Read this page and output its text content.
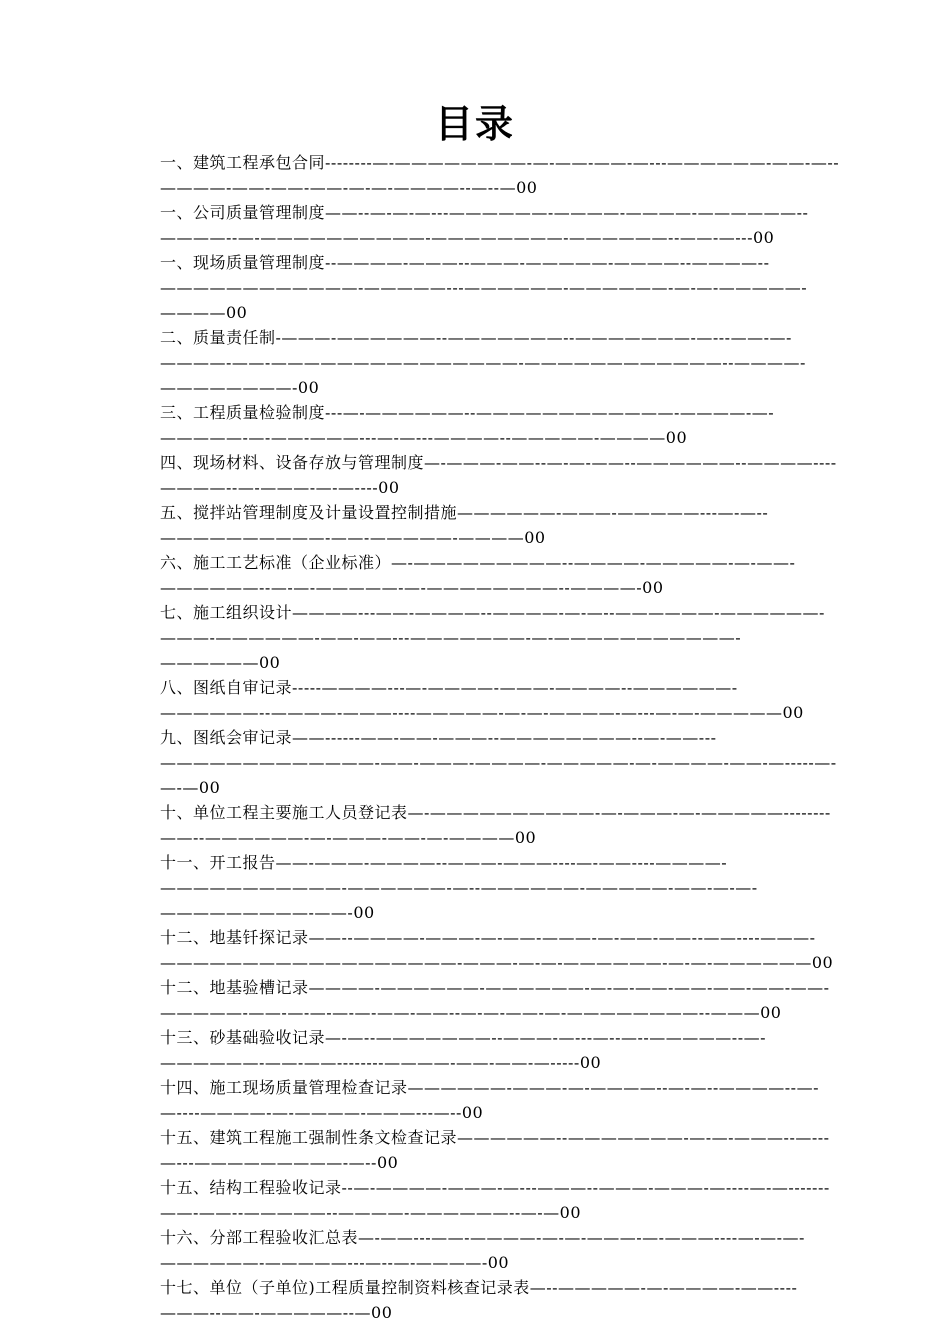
目录
一、建筑工程承包合同--------—-————————-—-——-——-—---——————-——-—--————-——-——-——-—-—-————--—--—00
一、公司质量管理制度——--—-—-—---——————-————-————-——————--————--—-——————————-————————-——————--——-—---00
一、现场质量管理制度--————-———--———-—————-————--————--————————————-—————---——————-——————-—-—-—————-————00
二、质量责任制-———-——————--———————--———————-—---——-—-————-——-———————————————-————————————--————-————————-00
三、工程质量检验制度---—-——————--————————————-————-—-—————-—-——-———---—-—---————--—————-————00
四、现场材料、设备存放与管理制度—-———-——--—-—-——--——————--————----————--—-———-—-—----00
五、搅拌站管理制度及计量设置控制措施——————-———-—————---—-—--——————————-——-—————-————00
六、施工工艺标准（企业标准）—-—————————--————-—————-—-——-——————--—-—-—————-—-————————--————-00
七、施工组织设计————---——-————--————-—-—--——————-——————-———-——————-——-——---———————-—-———————————-——————00
八、图纸自审记录-----————---—-————-———-————--——————-——————--————-———----—————-—-—-————-—---—-—-—————00
九、图纸会审记录——------——-——-———--————————--—-——---—————————————-——-———-————-—————-—-————-——-—-----—-—-—00
十、单位工程主要施工人员登记表—-——————————-—-———-—-—————--------——--——————-—-———-——-—-————00
十一、开工报告——-———-————--———-———----—-——----————-———————————-——————-—--——————-—————-——-—-—-—————————-——-00
十二、地基钎探记录——--————-———-—-——-———-—-——-——--——----———-——————————————————-———-—-—-——————-—-—-——————00
十二、地基验槽记录————-——————-——————-—-—-——-——-——-——-——-—————-——-—-—-—-—-——-——--—-—-——-—-————————--———00
十三、砂基础验收记录—-—--———————--———-—---—--—--—————--—-——————-——-——--------————-——-——-—-----00
十四、施工现场质量管理检查记录——————-———-—-————--—-—--————--—-—----————-—-————-———---—--00
十五、建筑工程施工强制性条文检查记录——————--———————-—-—-———--—---—---—————————-—--00
十五、结构工程验收记录--—-————-———-—---———--———-———-—----—-—-------——-——--—————--————-——————--—-—00
十六、分部工程验收汇总表—-——---——-————-—-—-———-—-———----—-—-—-——————-—————---—--—-————-00
十七、单位（子单位)工程质量控制资料核查记录表—--—————-—-————-——----———--——-—————--—00
